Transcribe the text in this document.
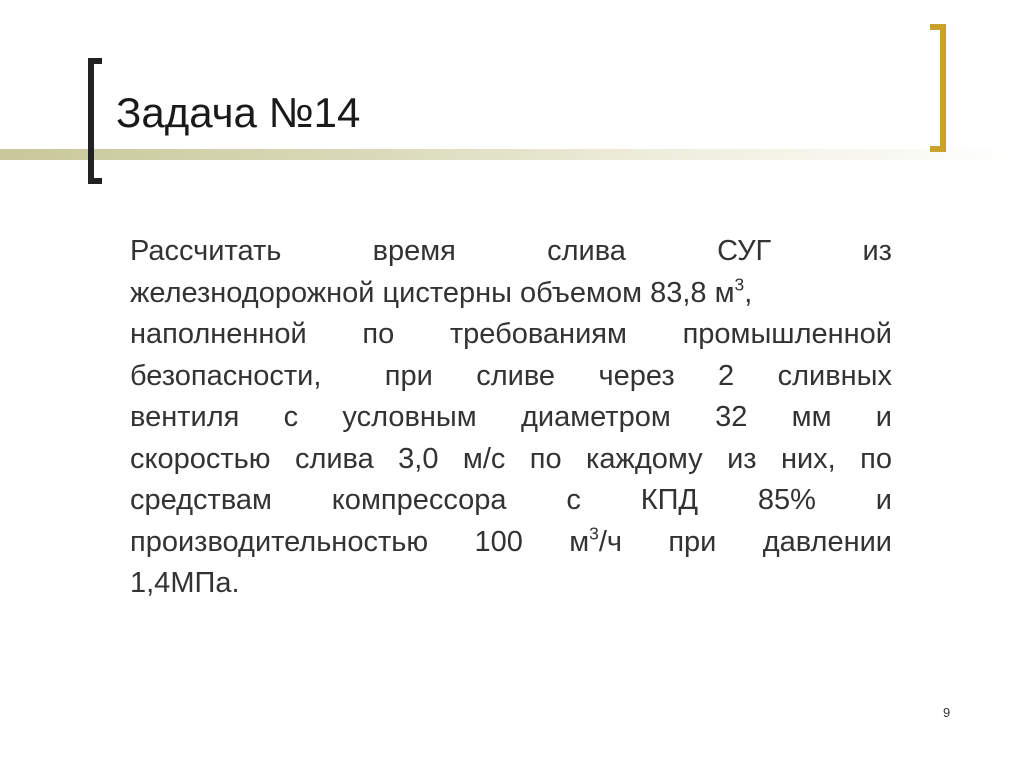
Задача №14
Рассчитать	время	слива	СУГ	из
железнодорожной цистерны объемом 83,8 $м^3$,
наполненной по требованиям промышленной
безопасности, при сливе через 2 сливных
вентиля с условным диаметром 32 мм и
скоростью слива 3,0 м/с по каждому из них, по
средствам компрессора с КПД 85% и
производительностью 100 $м^3/ч$ при давлении
1,4МПа.
9
